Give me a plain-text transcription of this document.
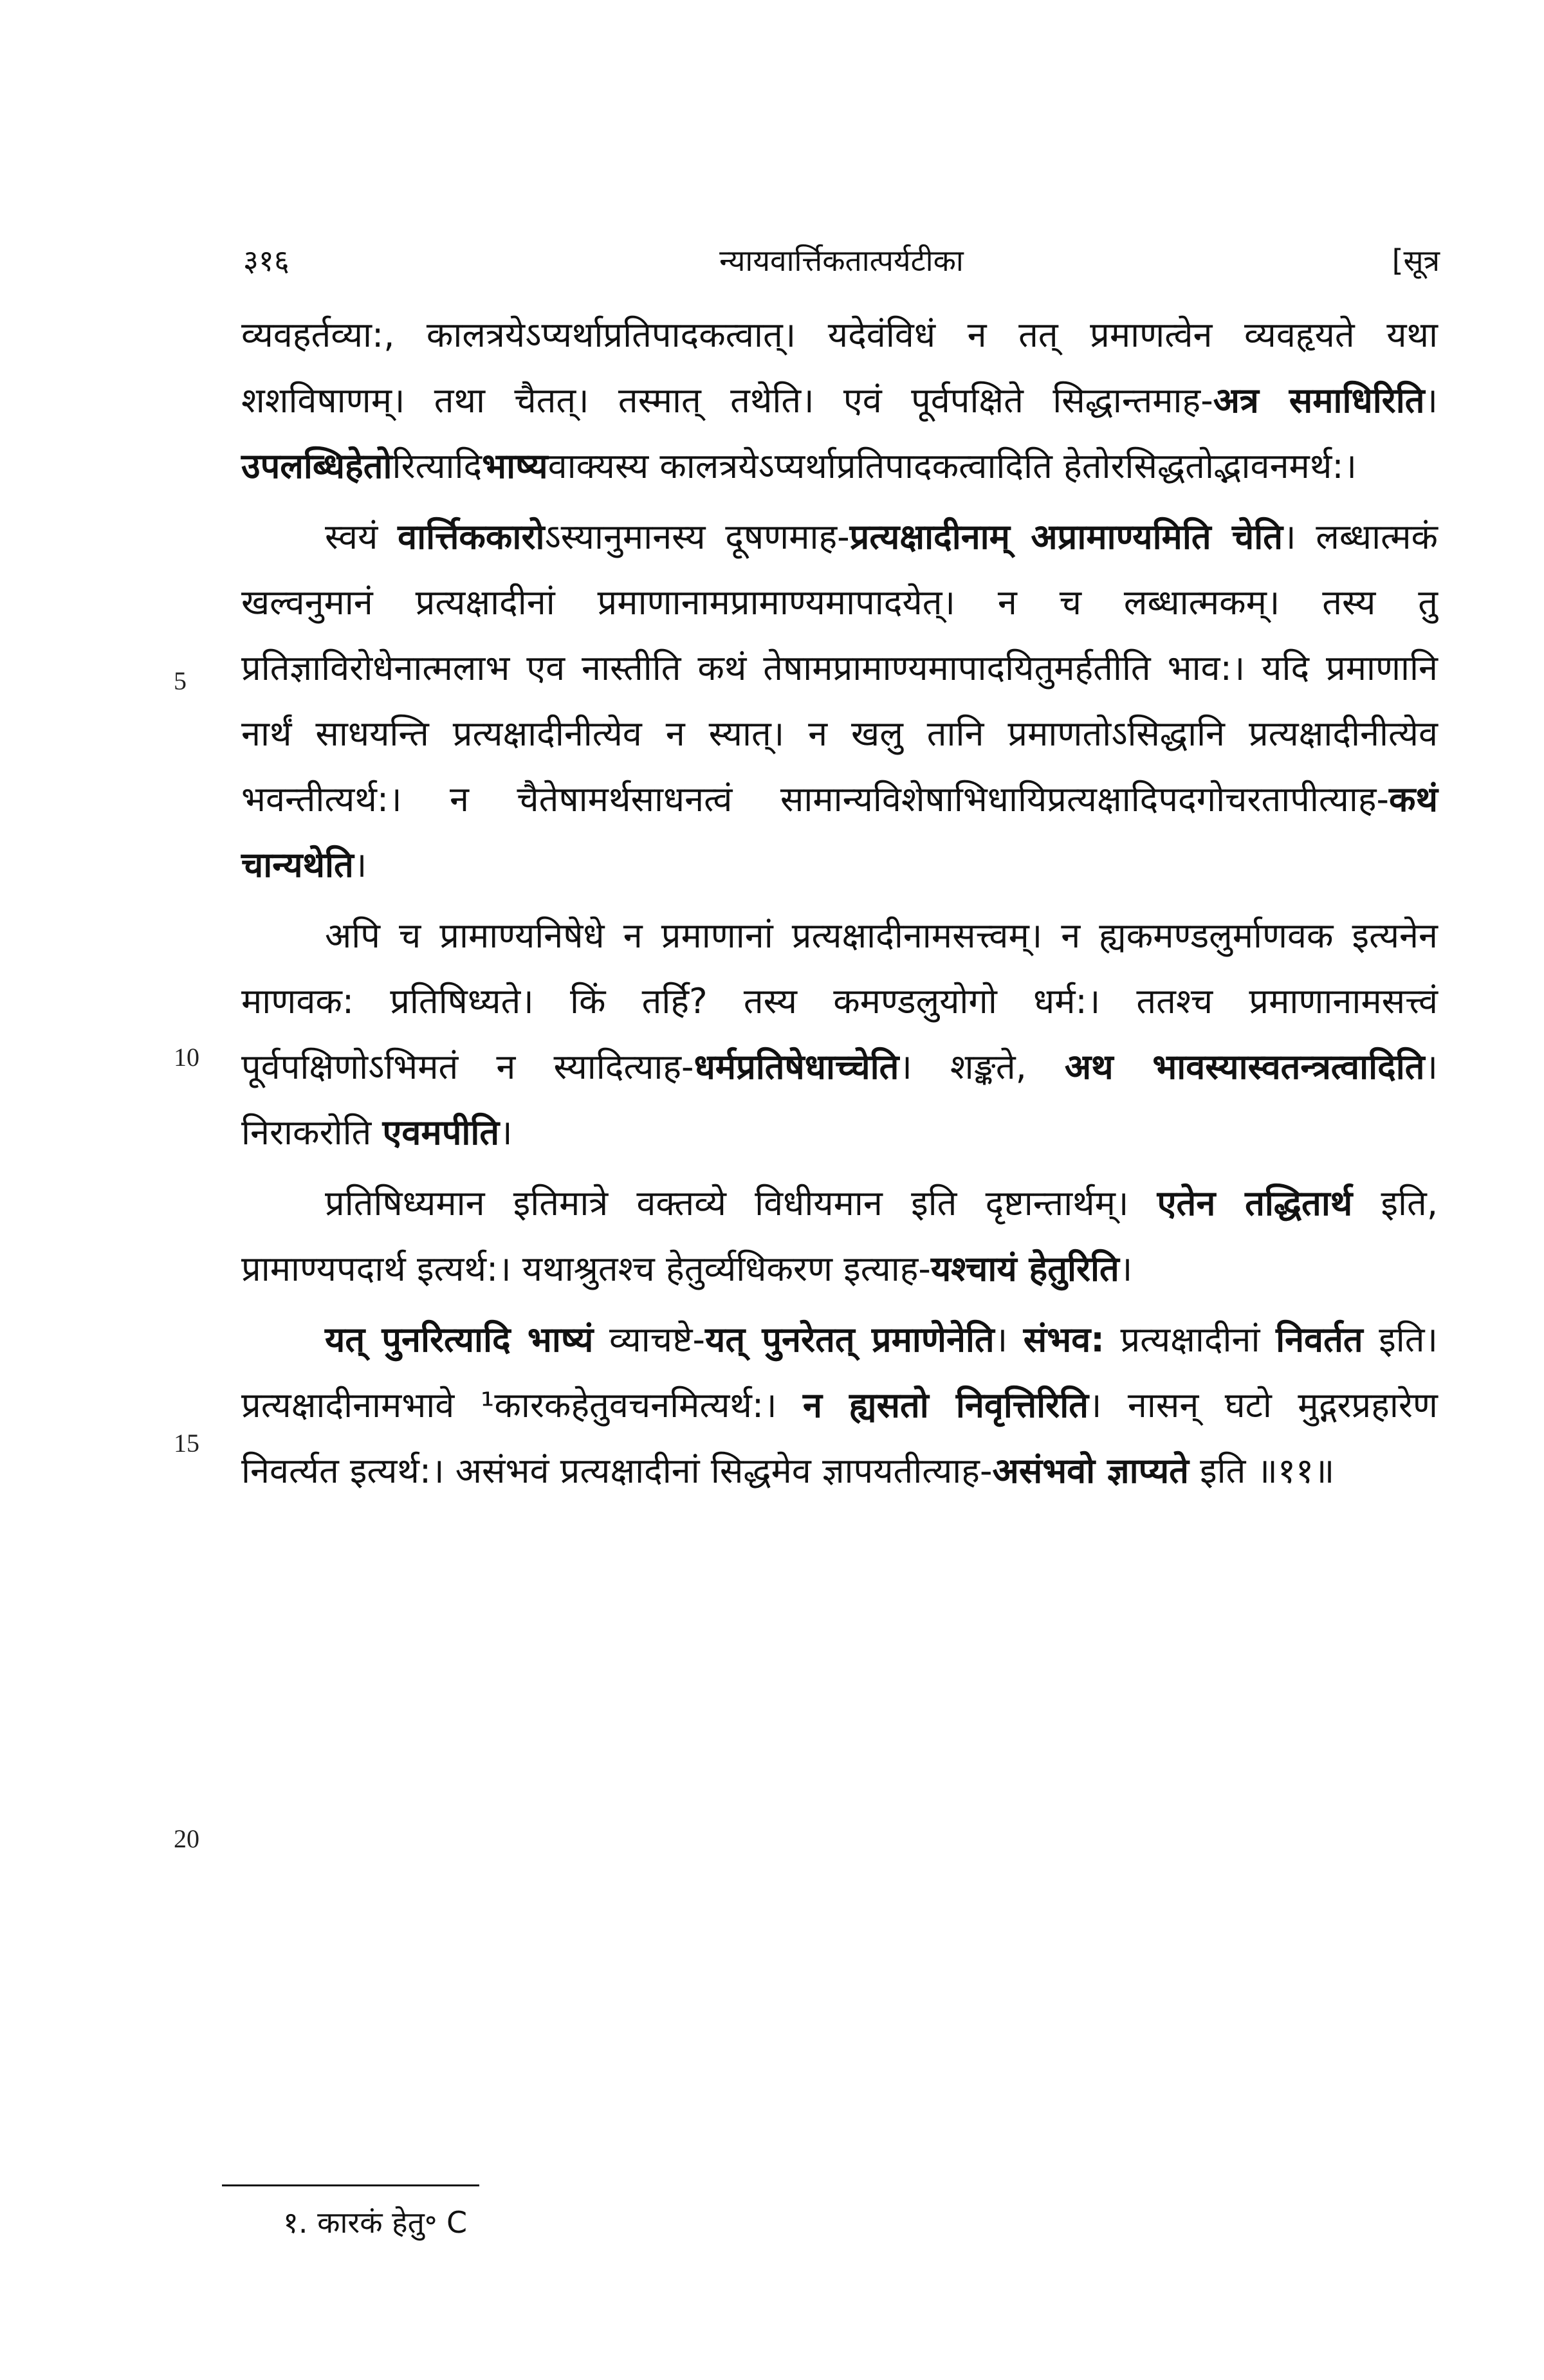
३१६	न्यायवार्त्तिकतात्पर्यटीका	[सूत्र
5
10
15
20

व्यवहर्तव्या:, कालत्रयेऽप्यर्थाप्रतिपादकत्वात्। यदेवंविधं न तत् प्रमाणत्वेन व्यवहृयते यथा शशविषाणम्। तथा चैतत्। तस्मात् तथेति। एवं पूर्वपक्षिते सिद्धान्तमाह-अत्र समाधिरिति। उपलब्धिहेतोरित्यादिभाष्यवाक्यस्य कालत्रयेऽप्यर्थाप्रतिपादकत्वादिति हेतोरसिद्धतोद्भावनमर्थ:।

स्वयं वार्त्तिककारोऽस्यानुमानस्य दूषणमाह-प्रत्यक्षादीनाम् अप्रामाण्यमिति चेति। लब्धात्मकं खल्वनुमानं प्रत्यक्षादीनां प्रमाणानामप्रामाण्यमापादयेत्। न च लब्धात्मकम्। तस्य तु प्रतिज्ञाविरोधेनात्मलाभ एव नास्तीति कथं तेषामप्रामाण्यमापादयितुमर्हतीति भाव:। यदि प्रमाणानि नार्थं साधयन्ति प्रत्यक्षादीनीत्येव न स्यात्। न खलु तानि प्रमाणतोऽसिद्धानि प्रत्यक्षादीनीत्येव भवन्तीत्यर्थ:। न चैतेषामर्थसाधनत्वं सामान्यविशेषाभिधायिप्रत्यक्षादिपदगोचरतापीत्याह-कथं चान्यथेति।

अपि च प्रामाण्यनिषेधे न प्रमाणानां प्रत्यक्षादीनामसत्त्वम्। न ह्यकमण्डलुर्माणवक इत्यनेन माणवक: प्रतिषिध्यते। किं तर्हि? तस्य कमण्डलुयोगो धर्म:। ततश्च प्रमाणानामसत्त्वं पूर्वपक्षिणोऽभिमतं न स्यादित्याह-धर्मप्रतिषेधाच्चेति। शङ्कते, अथ भावस्यास्वतन्त्रत्वादिति। निराकरोति एवमपीति।

प्रतिषिध्यमान इतिमात्रे वक्तव्ये विधीयमान इति दृष्टान्तार्थम्। एतेन तद्धितार्थ इति, प्रामाण्यपदार्थ इत्यर्थ:। यथाश्रुतश्च हेतुर्व्यधिकरण इत्याह-यश्चायं हेतुरिति।

यत् पुनरित्यादि भाष्यं व्याचष्टे-यत् पुनरेतत् प्रमाणेनेति। संभव: प्रत्यक्षादीनां निवर्तत इति। प्रत्यक्षादीनामभावे ¹कारकहेतुवचनमित्यर्थ:। न ह्यसतो निवृत्तिरिति। नासन् घटो मुद्गरप्रहारेण निवर्त्यत इत्यर्थ:। असंभवं प्रत्यक्षादीनां सिद्धमेव ज्ञापयतीत्याह-असंभवो ज्ञाप्यते इति ॥११॥

१. कारकं हेतु॰ C
